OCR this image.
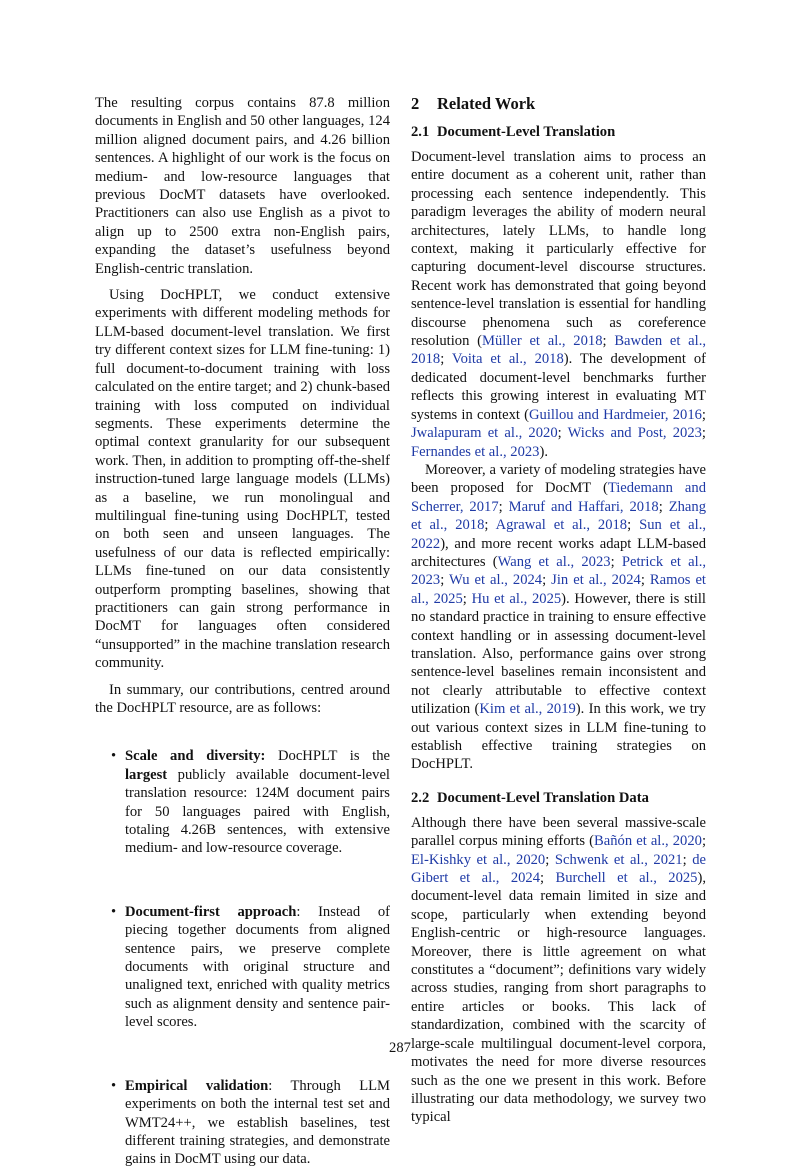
The resulting corpus contains 87.8 million documents in English and 50 other languages, 124 million aligned document pairs, and 4.26 billion sentences. A highlight of our work is the focus on medium- and low-resource languages that previous DocMT datasets have overlooked. Practitioners can also use English as a pivot to align up to 2500 extra non-English pairs, expanding the dataset’s usefulness beyond English-centric translation.

Using DocHPLT, we conduct extensive experiments with different modeling methods for LLM-based document-level translation. We first try different context sizes for LLM fine-tuning: 1) full document-to-document training with loss calculated on the entire target; and 2) chunk-based training with loss computed on individual segments. These experiments determine the optimal context granularity for our subsequent work. Then, in addition to prompting off-the-shelf instruction-tuned large language models (LLMs) as a baseline, we run monolingual and multilingual fine-tuning using DocHPLT, tested on both seen and unseen languages. The usefulness of our data is reflected empirically: LLMs fine-tuned on our data consistently outperform prompting baselines, showing that practitioners can gain strong performance in DocMT for languages often considered “unsupported” in the machine translation research community.

In summary, our contributions, centred around the DocHPLT resource, are as follows:

• Scale and diversity: DocHPLT is the largest publicly available document-level translation resource: 124M document pairs for 50 languages paired with English, totaling 4.26B sentences, with extensive medium- and low-resource coverage.
• Document-first approach: Instead of piecing together documents from aligned sentence pairs, we preserve complete documents with original structure and unaligned text, enriched with quality metrics such as alignment density and sentence pair-level scores.
• Empirical validation: Through LLM experiments on both the internal test set and WMT24++, we establish baselines, test different training strategies, and demonstrate gains in DocMT using our data.
2 Related Work
2.1 Document-Level Translation

Document-level translation aims to process an entire document as a coherent unit, rather than processing each sentence independently. This paradigm leverages the ability of modern neural architectures, lately LLMs, to handle long context, making it particularly effective for capturing document-level discourse structures. Recent work has demonstrated that going beyond sentence-level translation is essential for handling discourse phenomena such as coreference resolution (Müller et al., 2018; Bawden et al., 2018; Voita et al., 2018). The development of dedicated document-level benchmarks further reflects this growing interest in evaluating MT systems in context (Guillou and Hardmeier, 2016; Jwalapuram et al., 2020; Wicks and Post, 2023; Fernandes et al., 2023).

Moreover, a variety of modeling strategies have been proposed for DocMT (Tiedemann and Scherrer, 2017; Maruf and Haffari, 2018; Zhang et al., 2018; Agrawal et al., 2018; Sun et al., 2022), and more recent works adapt LLM-based architectures (Wang et al., 2023; Petrick et al., 2023; Wu et al., 2024; Jin et al., 2024; Ramos et al., 2025; Hu et al., 2025). However, there is still no standard practice in training to ensure effective context handling or in assessing document-level translation. Also, performance gains over strong sentence-level baselines remain inconsistent and not clearly attributable to effective context utilization (Kim et al., 2019). In this work, we try out various context sizes in LLM fine-tuning to establish effective training strategies on DocHPLT.

2.2 Document-Level Translation Data

Although there have been several massive-scale parallel corpus mining efforts (Bañón et al., 2020; El-Kishky et al., 2020; Schwenk et al., 2021; de Gibert et al., 2024; Burchell et al., 2025), document-level data remain limited in size and scope, particularly when extending beyond English-centric or high-resource languages. Moreover, there is little agreement on what constitutes a “document”; definitions vary widely across studies, ranging from short paragraphs to entire articles or books. This lack of standardization, combined with the scarcity of large-scale multilingual document-level corpora, motivates the need for more diverse resources such as the one we present in this work. Before illustrating our data methodology, we survey two typical

287
